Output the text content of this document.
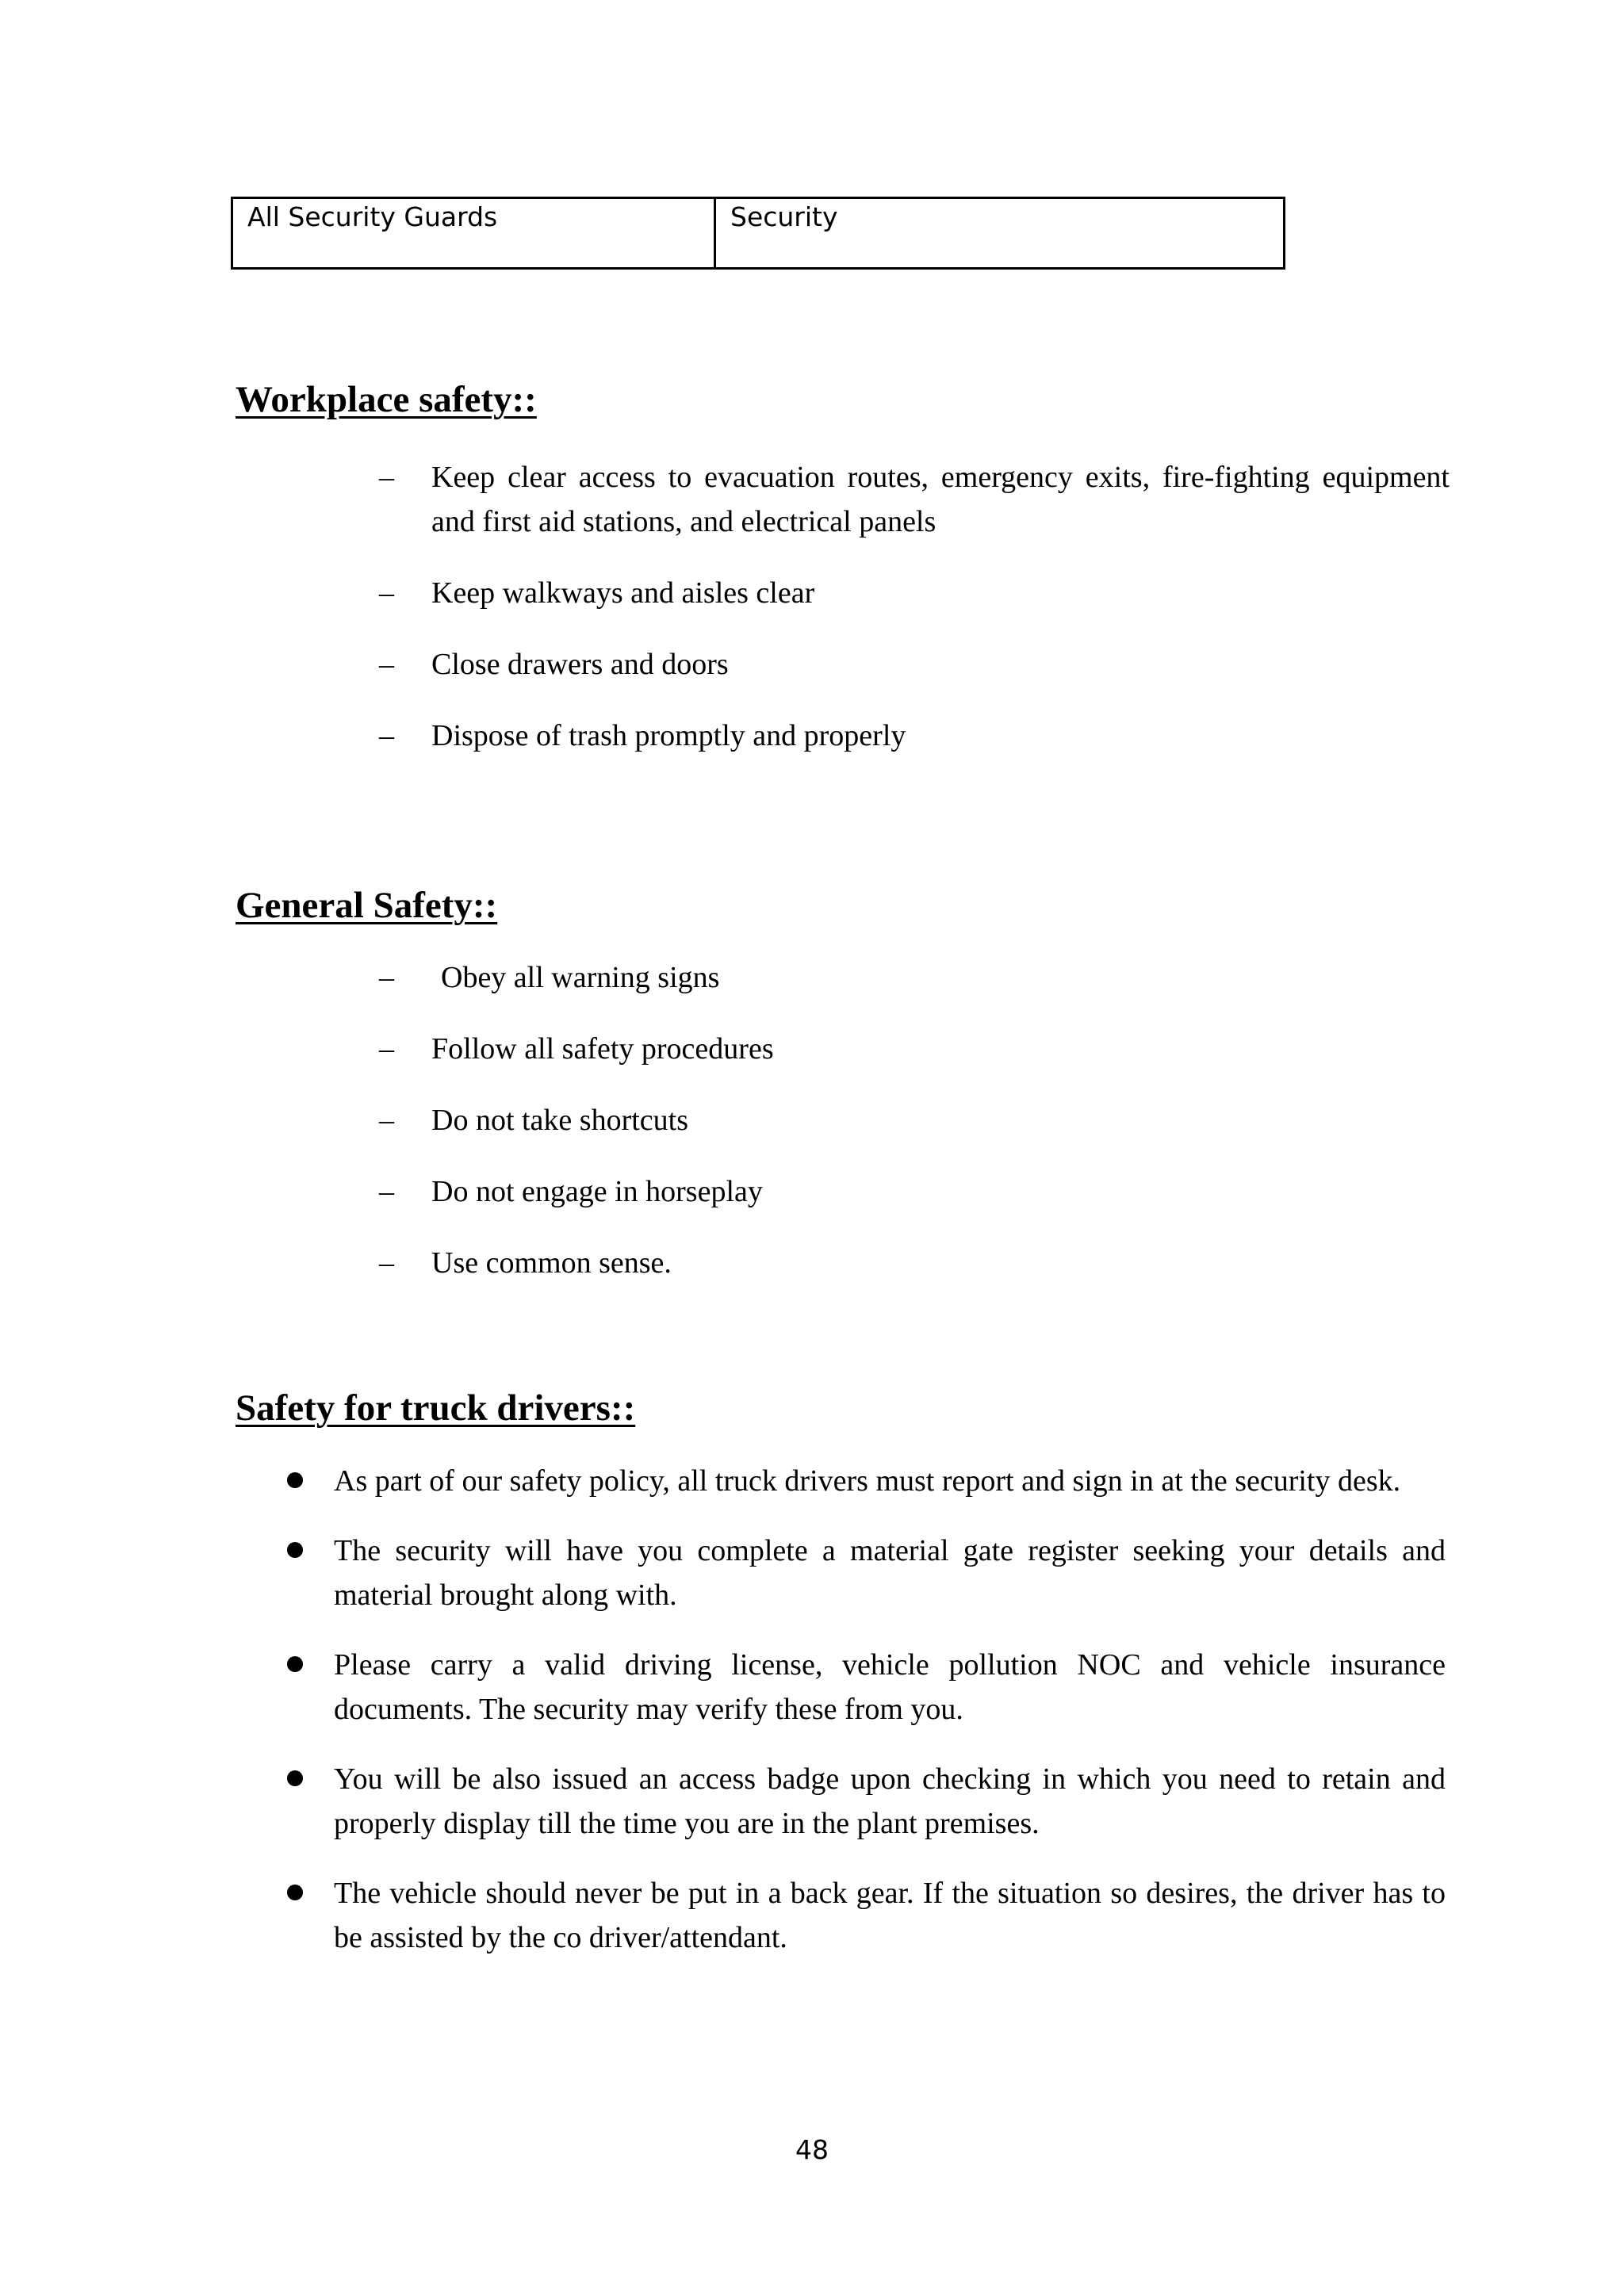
All Security Guards	Security
Workplace safety::
–	Keep clear access to evacuation routes, emergency exits, fire-fighting equipment and first aid stations, and electrical panels
–	Keep walkways and aisles clear
–	Close drawers and doors
–	Dispose of trash promptly and properly
General Safety::
–	Obey all warning signs
–	Follow all safety procedures
–	Do not take shortcuts
–	Do not engage in horseplay
–	Use common sense.
Safety for truck drivers::
As part of our safety policy, all truck drivers must report and sign in at the security desk.
The security will have you complete a material gate register seeking your details and material brought along with.
Please carry a valid driving license, vehicle pollution NOC and vehicle insurance documents. The security may verify these from you.
You will be also issued an access badge upon checking in which you need to retain and properly display till the time you are in the plant premises.
The vehicle should never be put in a back gear. If the situation so desires, the driver has to be assisted by the co driver/attendant.
48
